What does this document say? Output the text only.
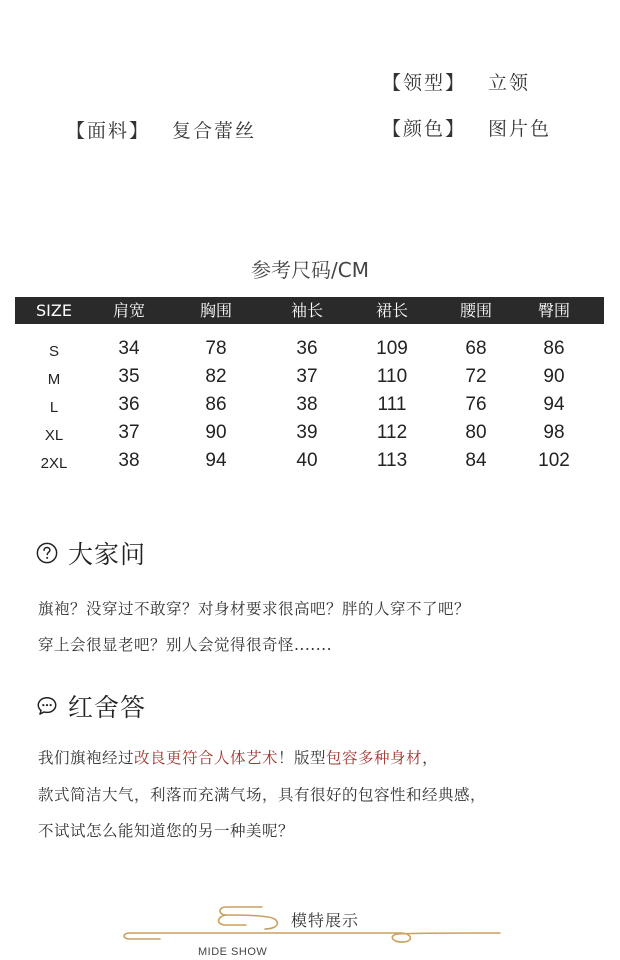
【领型】 立领
【面料】 复合蕾丝	【颜色】 图片色
参考尺码/CM
SIZE	肩宽	胸围	袖长	裙长	腰围	臀围
S	34	78	36	109	68	86
M	35	82	37	110	72	90
L	36	86	38	111	76	94
XL	37	90	39	112	80	98
2XL	38	94	40	113	84	102
大家问
旗袍？没穿过不敢穿？对身材要求很高吧？胖的人穿不了吧？
穿上会很显老吧？别人会觉得很奇怪.......
红舍答
我们旗袍经过改良更符合人体艺术！版型包容多种身材，
款式简洁大气，利落而充满气场，具有很好的包容性和经典感，
不试试怎么能知道您的另一种美呢？
模特展示
MIDE SHOW
